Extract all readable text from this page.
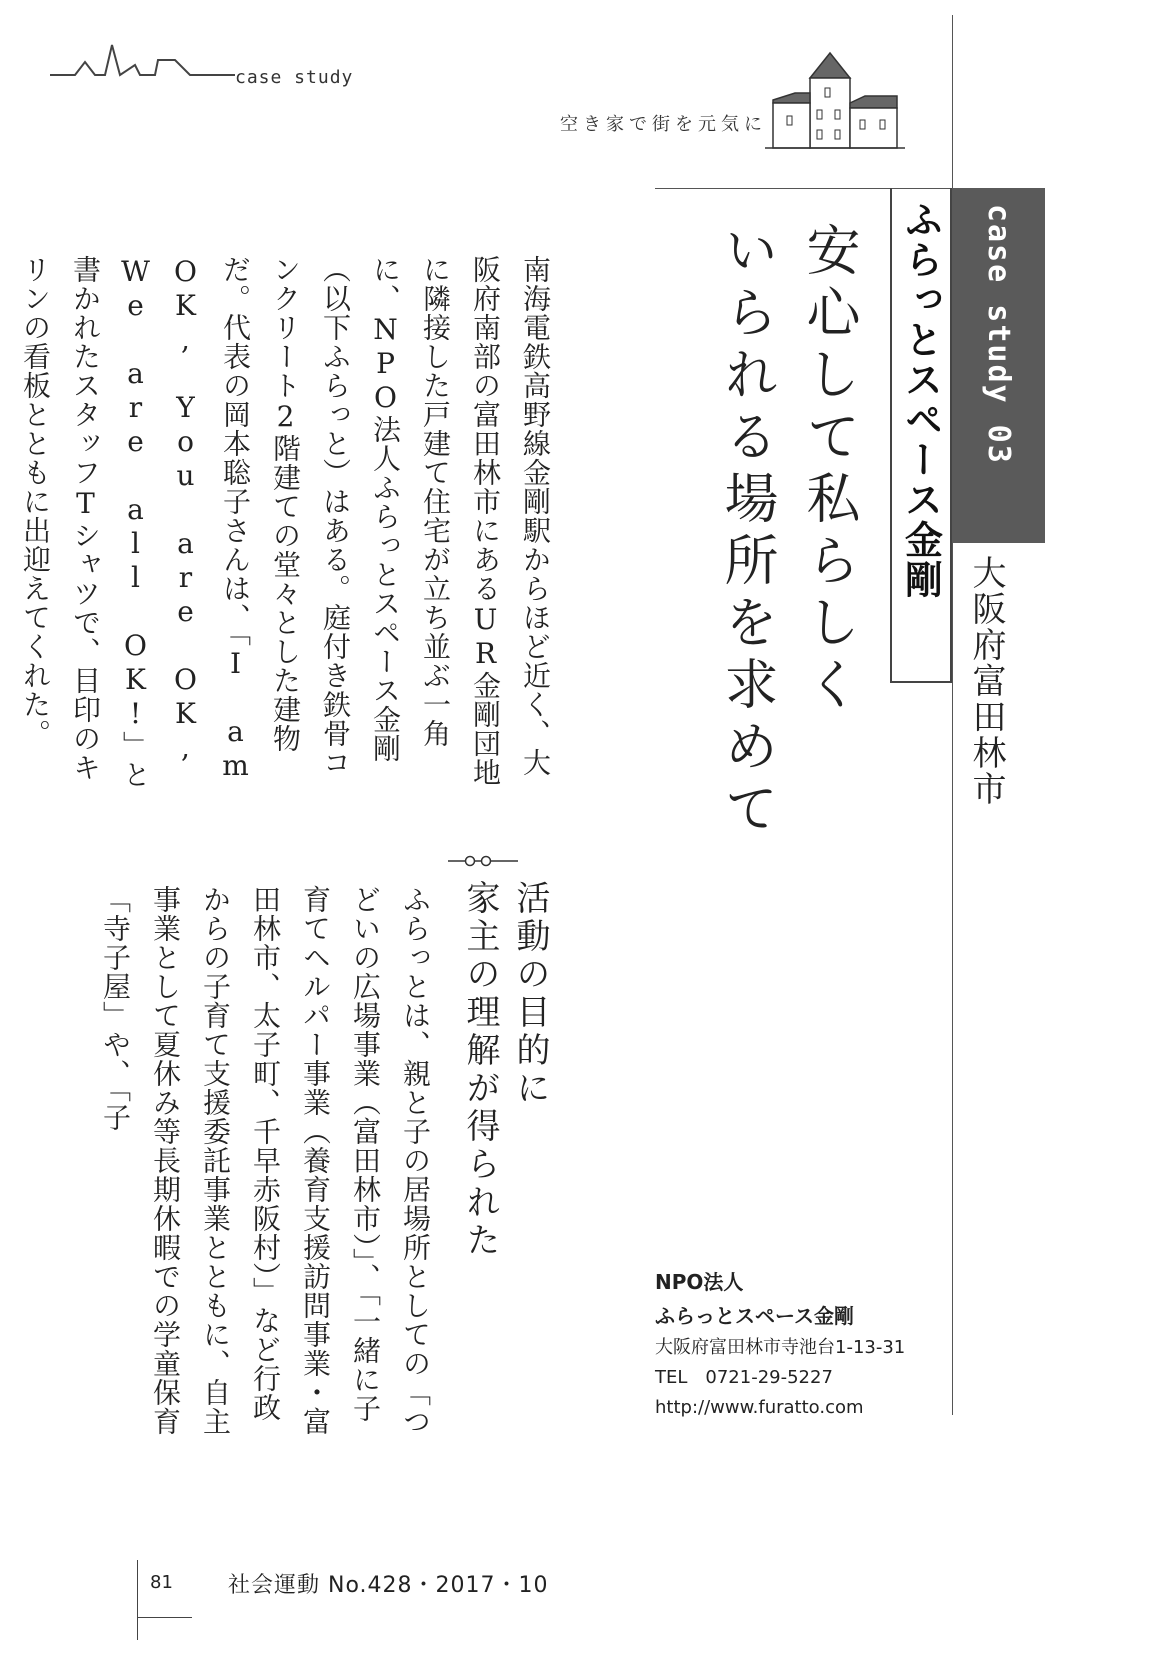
case study
空き家で街を元気に
case study 03
ふらっとスペース金剛
大阪府富田林市
安心して私らしく
いられる場所を求めて
南海電鉄高野線金剛駅からほど近く、大阪府南部の富田林市にあるUR金剛団地に隣接した戸建て住宅が立ち並ぶ一角に、NPO法人ふらっとスペース金剛（以下ふらっと）はある。庭付き鉄骨コンクリート2階建ての堂々とした建物だ。代表の岡本聡子さんは、「I am OK, You are OK, We are all OK!」と書かれたスタッフTシャツで、目印のキリンの看板とともに出迎えてくれた。
活動の目的に
家主の理解が得られた
ふらっとは、親と子の居場所としての「つどいの広場事業（富田林市）」、「一緒に子育てヘルパー事業（養育支援訪問事業・富田林市、太子町、千早赤阪村）」など行政からの子育て支援委託事業とともに、自主事業として夏休み等長期休暇での学童保育「寺子屋」や、「子
NPO法人
ふらっとスペース金剛
大阪府富田林市寺池台1-13-31
TEL　0721-29-5227
http://www.furatto.com
81	社会運動 No.428・2017・10
